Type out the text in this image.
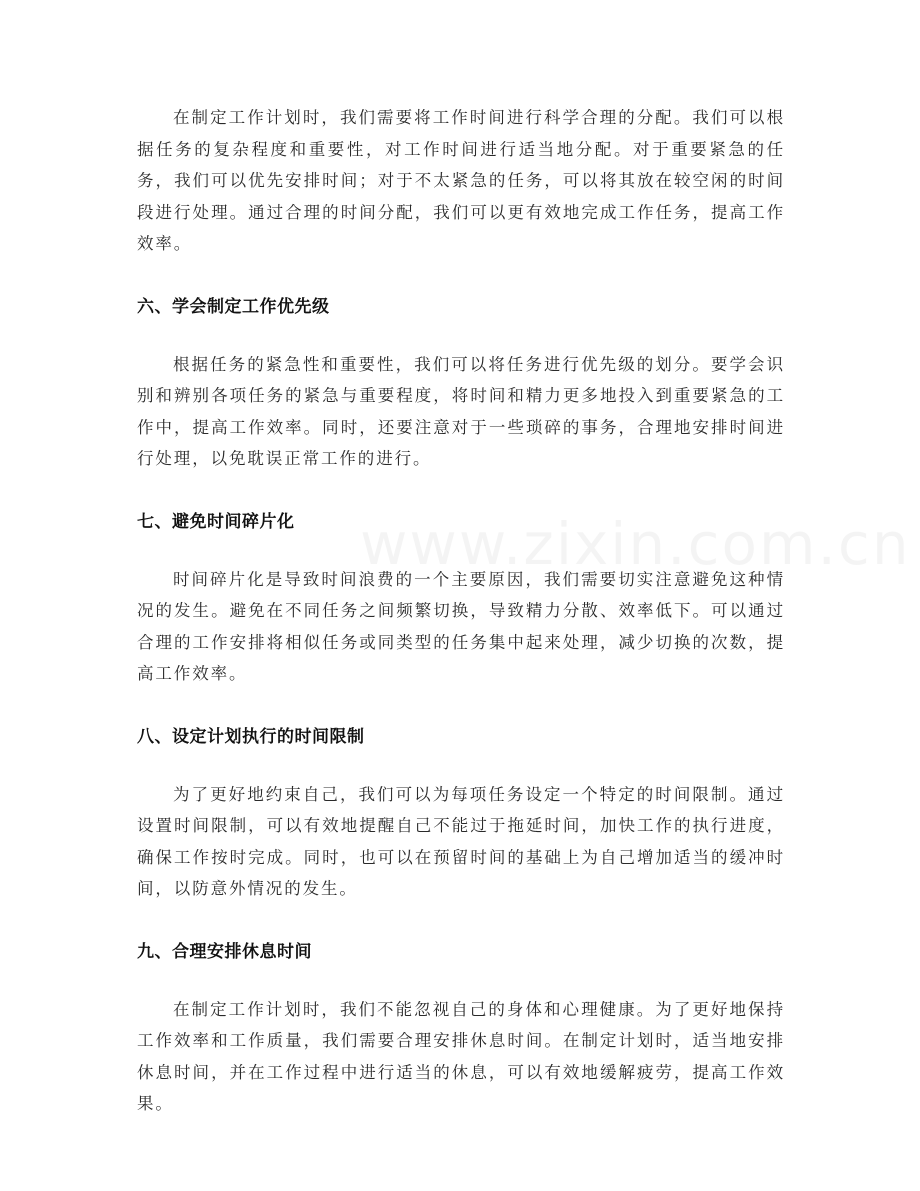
在制定工作计划时，我们需要将工作时间进行科学合理的分配。我们可以根据任务的复杂程度和重要性，对工作时间进行适当地分配。对于重要紧急的任务，我们可以优先安排时间；对于不太紧急的任务，可以将其放在较空闲的时间段进行处理。通过合理的时间分配，我们可以更有效地完成工作任务，提高工作效率。

六、学会制定工作优先级

根据任务的紧急性和重要性，我们可以将任务进行优先级的划分。要学会识别和辨别各项任务的紧急与重要程度，将时间和精力更多地投入到重要紧急的工作中，提高工作效率。同时，还要注意对于一些琐碎的事务，合理地安排时间进行处理，以免耽误正常工作的进行。

七、避免时间碎片化

时间碎片化是导致时间浪费的一个主要原因，我们需要切实注意避免这种情况的发生。避免在不同任务之间频繁切换，导致精力分散、效率低下。可以通过合理的工作安排将相似任务或同类型的任务集中起来处理，减少切换的次数，提高工作效率。

八、设定计划执行的时间限制

为了更好地约束自己，我们可以为每项任务设定一个特定的时间限制。通过设置时间限制，可以有效地提醒自己不能过于拖延时间，加快工作的执行进度，确保工作按时完成。同时，也可以在预留时间的基础上为自己增加适当的缓冲时间，以防意外情况的发生。

九、合理安排休息时间

在制定工作计划时，我们不能忽视自己的身体和心理健康。为了更好地保持工作效率和工作质量，我们需要合理安排休息时间。在制定计划时，适当地安排休息时间，并在工作过程中进行适当的休息，可以有效地缓解疲劳，提高工作效果。
